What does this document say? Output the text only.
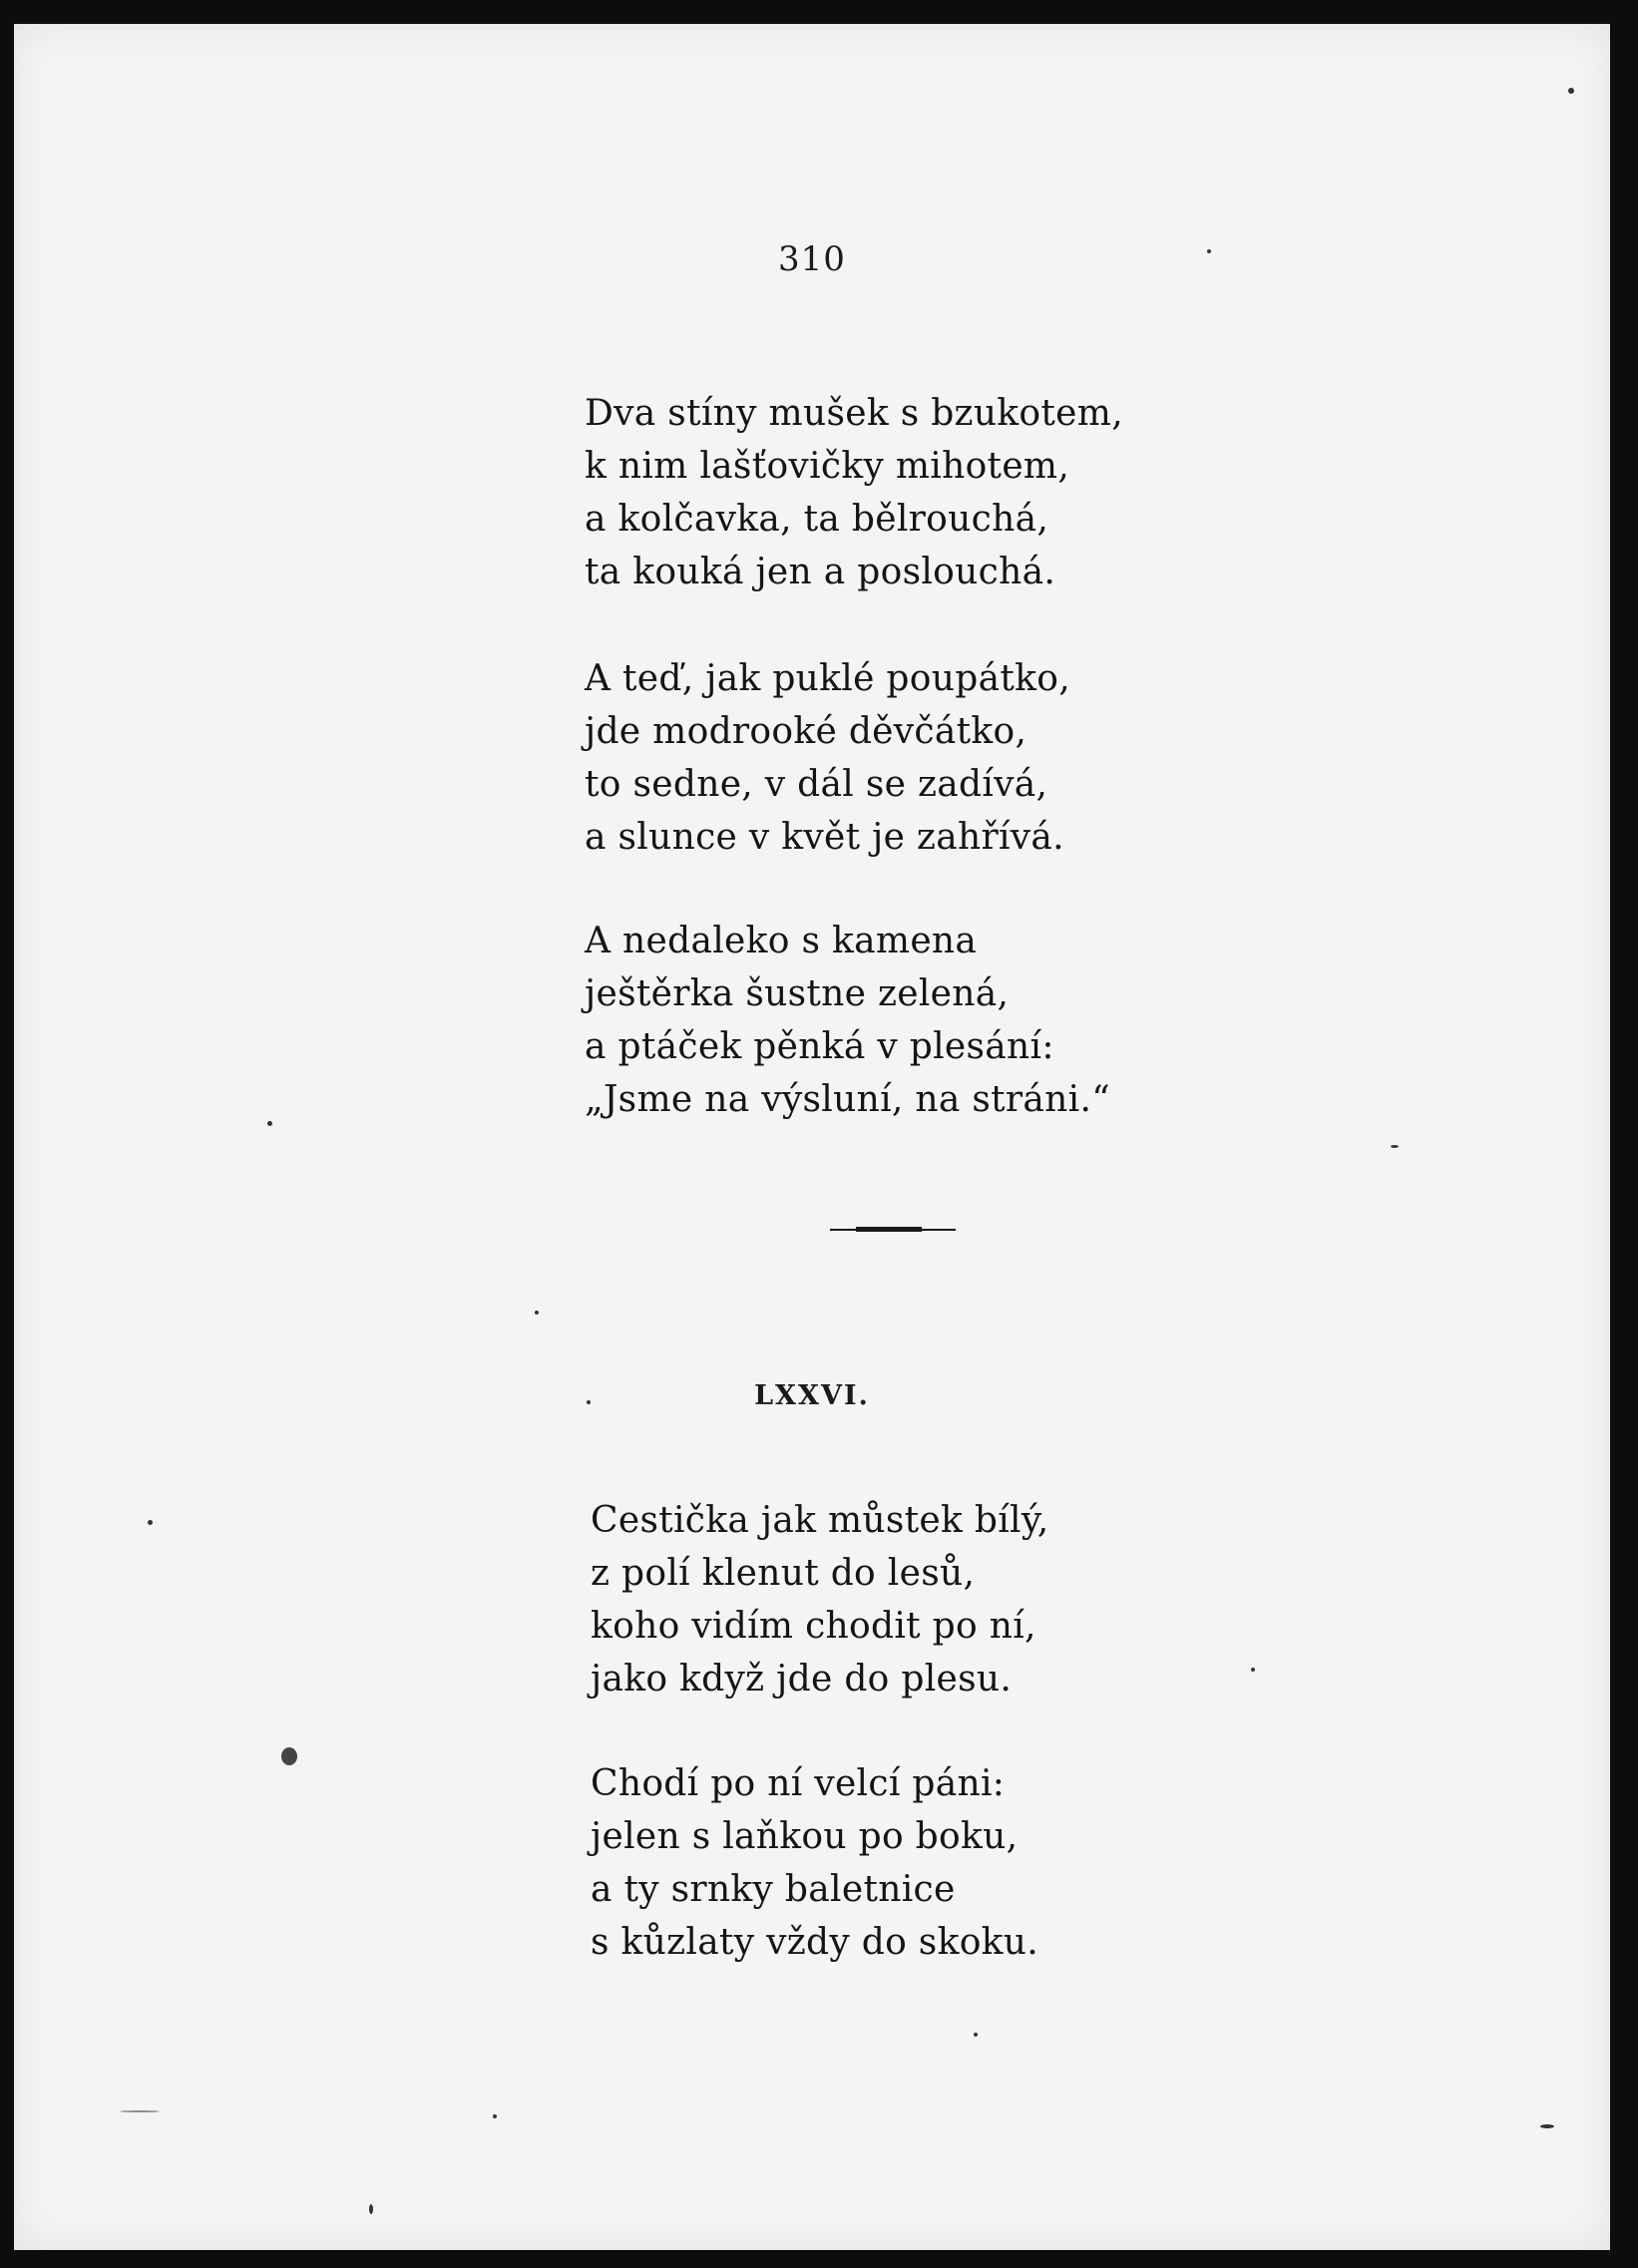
310
Dva stíny mušek s bzukotem,
k nim lašťovičky mihotem,
a kolčavka, ta bělrouchá,
ta kouká jen a poslouchá.
A teď, jak puklé poupátko,
jde modrooké děvčátko,
to sedne, v dál se zadívá,
a slunce v květ je zahřívá.
A nedaleko s kamena
ještěrka šustne zelená,
a ptáček pěnká v plesání:
„Jsme na výsluní, na stráni.“
LXXVI.
Cestička jak můstek bílý,
z polí klenut do lesů,
koho vidím chodit po ní,
jako když jde do plesu.
Chodí po ní velcí páni:
jelen s laňkou po boku,
a ty srnky baletnice
s kůzlaty vždy do skoku.
